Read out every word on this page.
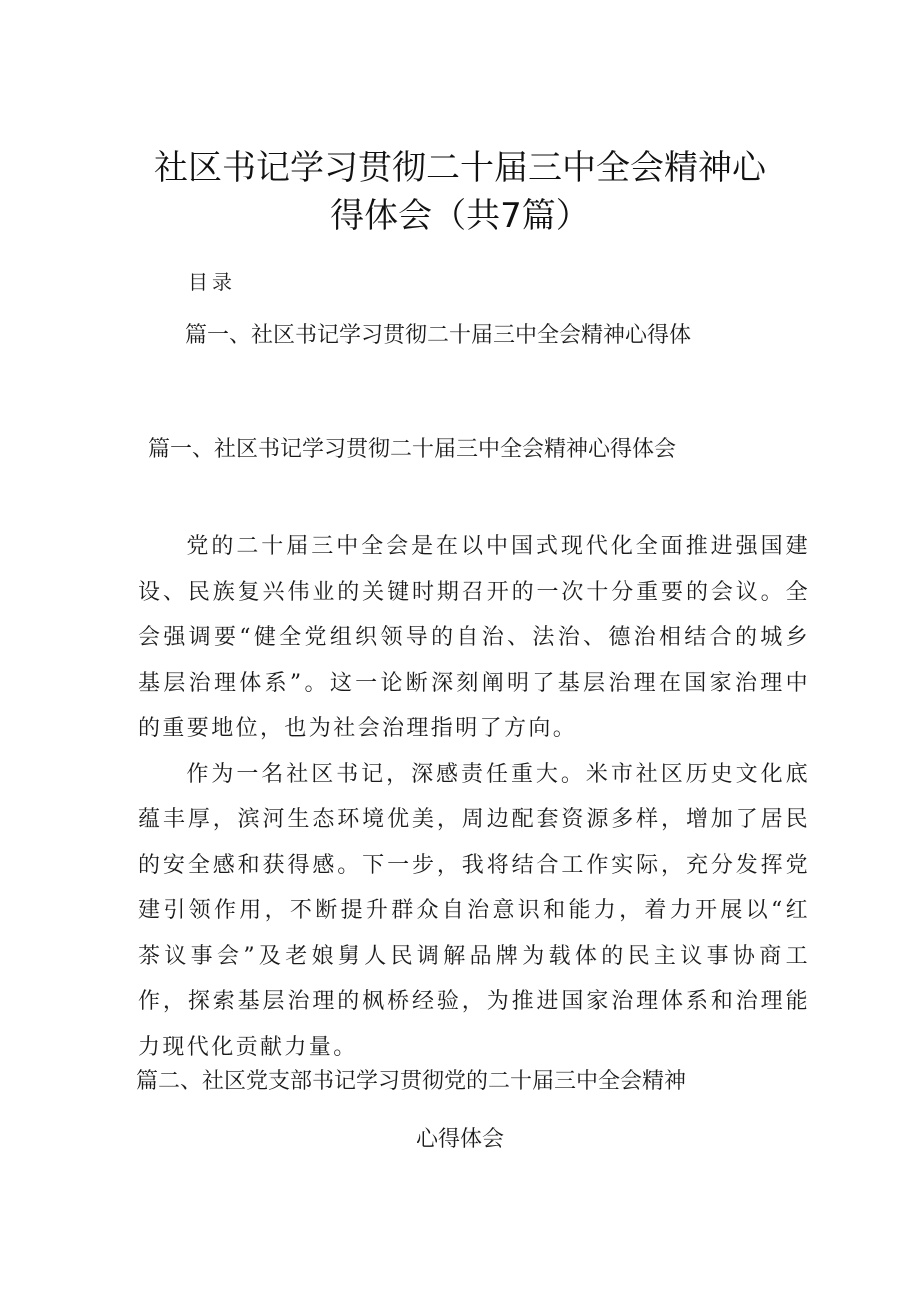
社区书记学习贯彻二十届三中全会精神心
得体会（共7篇）
目录
篇一、社区书记学习贯彻二十届三中全会精神心得体
篇一、社区书记学习贯彻二十届三中全会精神心得体会

党的二十届三中全会是在以中国式现代化全面推进强国建设、民族复兴伟业的关键时期召开的一次十分重要的会议。全会强调要“健全党组织领导的自治、法治、德治相结合的城乡基层治理体系”。这一论断深刻阐明了基层治理在国家治理中的重要地位，也为社会治理指明了方向。

作为一名社区书记，深感责任重大。米市社区历史文化底蕴丰厚，滨河生态环境优美，周边配套资源多样，增加了居民的安全感和获得感。下一步，我将结合工作实际，充分发挥党建引领作用，不断提升群众自治意识和能力，着力开展以“红茶议事会”及老娘舅人民调解品牌为载体的民主议事协商工作，探索基层治理的枫桥经验，为推进国家治理体系和治理能力现代化贡献力量。

篇二、社区党支部书记学习贯彻党的二十届三中全会精神
心得体会
